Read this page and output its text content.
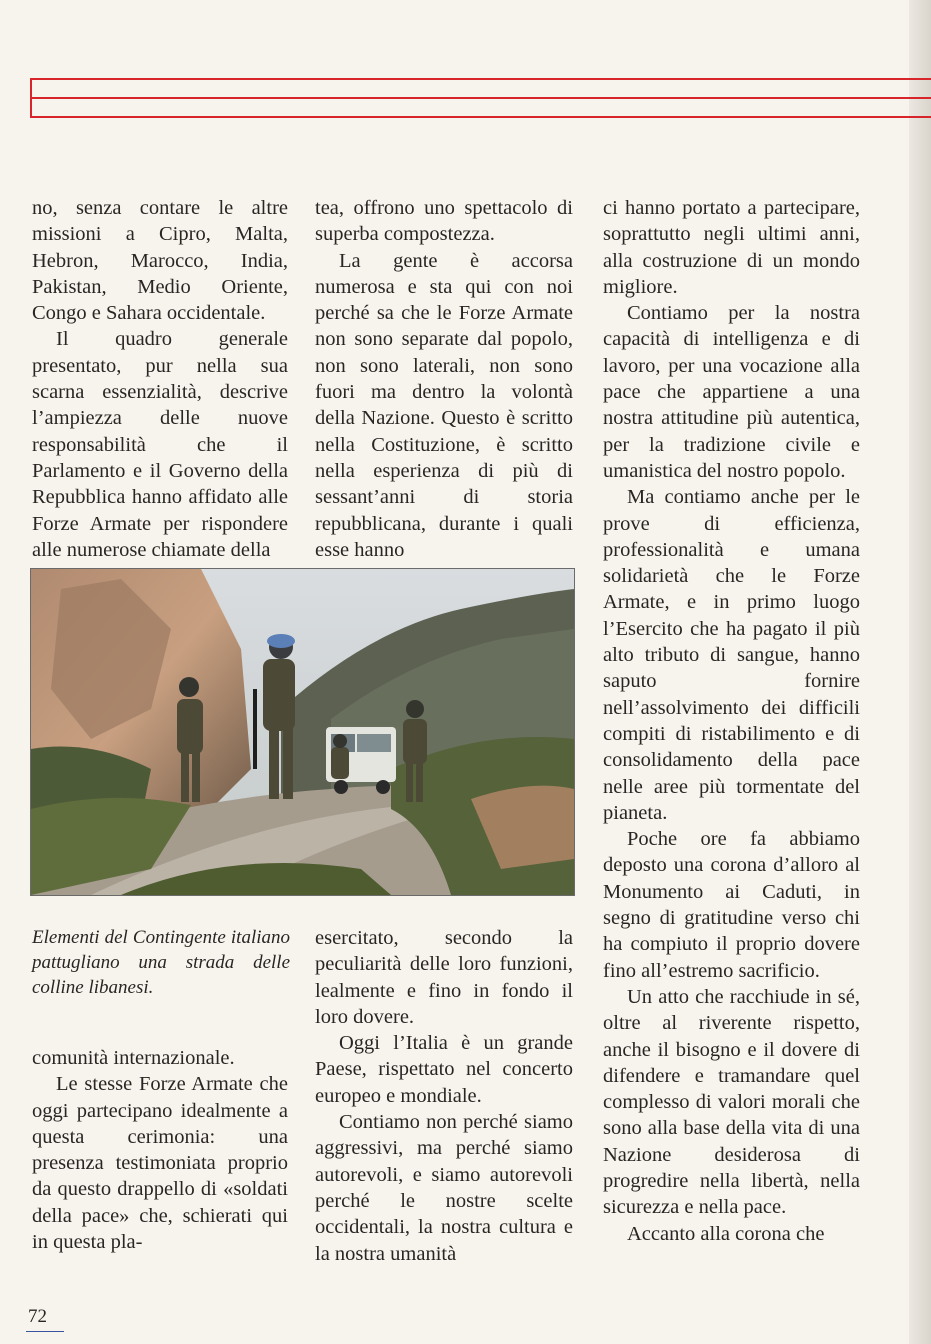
no, senza contare le altre missioni a Cipro, Malta, Hebron, Marocco, India, Pakistan, Medio Oriente, Congo e Sahara occidentale.

Il quadro generale presentato, pur nella sua scarna essenzialità, descrive l’ampiezza delle nuove responsabilità che il Parlamento e il Governo della Repubblica hanno affidato alle Forze Armate per rispondere alle numerose chiamate della

tea, offrono uno spettacolo di superba compostezza.

La gente è accorsa numerosa e sta qui con noi perché sa che le Forze Armate non sono separate dal popolo, non sono laterali, non sono fuori ma dentro la volontà della Nazione. Questo è scritto nella Costituzione, è scritto nella esperienza di più di sessant’anni di storia repubblicana, durante i quali esse hanno

ci hanno portato a partecipare, soprattutto negli ultimi anni, alla costruzione di un mondo migliore.

Contiamo per la nostra capacità di intelligenza e di lavoro, per una vocazione alla pace che appartiene a una nostra attitudine più autentica, per la tradizione civile e umanistica del nostro popolo.

Ma contiamo anche per le prove di efficienza, professionalità e umana solidarietà che le Forze Armate, e in primo luogo l’Esercito che ha pagato il più alto tributo di sangue, hanno saputo fornire nell’assolvimento dei difficili compiti di ristabilimento e di consolidamento della pace nelle aree più tormentate del pianeta.

Poche ore fa abbiamo deposto una corona d’alloro al Monumento ai Caduti, in segno di gratitudine verso chi ha compiuto il proprio dovere fino all’estremo sacrificio.

Un atto che racchiude in sé, oltre al riverente rispetto, anche il bisogno e il dovere di difendere e tramandare quel complesso di valori morali che sono alla base della vita di una Nazione desiderosa di progredire nella libertà, nella sicurezza e nella pace.

Accanto alla corona che

Elementi del Contingente italiano pattugliano una strada delle colline libanesi.

comunità internazionale.

Le stesse Forze Armate che oggi partecipano idealmente a questa cerimonia: una presenza testimoniata proprio da questo drappello di «soldati della pace» che, schierati qui in questa pla-

esercitato, secondo la peculiarità delle loro funzioni, lealmente e fino in fondo il loro dovere.

Oggi l’Italia è un grande Paese, rispettato nel concerto europeo e mondiale.

Contiamo non perché siamo aggressivi, ma perché siamo autorevoli, e siamo autorevoli perché le nostre scelte occidentali, la nostra cultura e la nostra umanità

72
